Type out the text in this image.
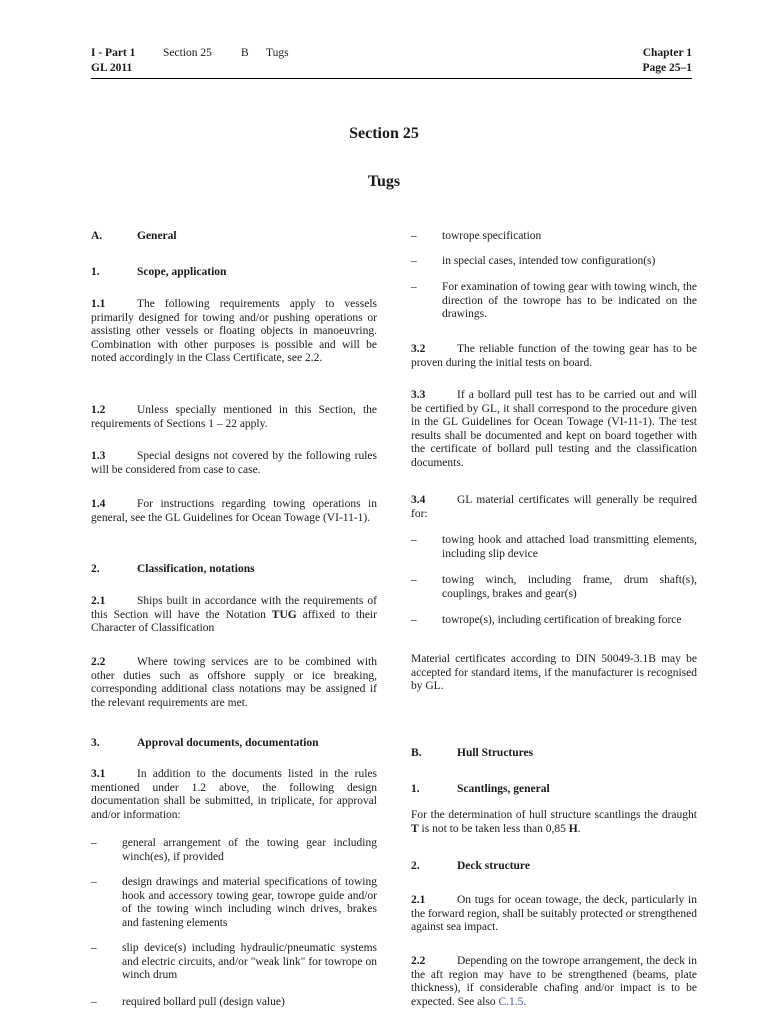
I - Part 1 Section 25	B Tugs
GL 2011
Chapter 1
Page 25–1
Section 25
Tugs
A.	General
1.	Scope, application
1.1	The following requirements apply to vessels primarily designed for towing and/or pushing operations or assisting other vessels or floating objects in manoeuvring. Combination with other purposes is possible and will be noted accordingly in the Class Certificate, see 2.2.
1.2	Unless specially mentioned in this Section, the requirements of Sections 1 – 22 apply.
1.3	Special designs not covered by the following rules will be considered from case to case.
1.4	For instructions regarding towing operations in general, see the GL Guidelines for Ocean Towage (VI-11-1).
2.	Classification, notations
2.1	Ships built in accordance with the requirements of this Section will have the Notation TUG affixed to their Character of Classification
2.2	Where towing services are to be combined with other duties such as offshore supply or ice breaking, corresponding additional class notations may be assigned if the relevant requirements are met.
3.	Approval documents, documentation
3.1	In addition to the documents listed in the rules mentioned under 1.2 above, the following design documentation shall be submitted, in triplicate, for approval and/or information:
– general arrangement of the towing gear including winch(es), if provided
– design drawings and material specifications of towing hook and accessory towing gear, towrope guide and/or of the towing winch including winch drives, brakes and fastening elements
– slip device(s) including hydraulic/pneumatic systems and electric circuits, and/or "weak link" for towrope on winch drum
– required bollard pull (design value)
– towrope specification
– in special cases, intended tow configuration(s)
– For examination of towing gear with towing winch, the direction of the towrope has to be indicated on the drawings.
3.2	The reliable function of the towing gear has to be proven during the initial tests on board.
3.3	If a bollard pull test has to be carried out and will be certified by GL, it shall correspond to the procedure given in the GL Guidelines for Ocean Towage (VI-11-1). The test results shall be documented and kept on board together with the certificate of bollard pull testing and the classification documents.
3.4	GL material certificates will generally be required for:
– towing hook and attached load transmitting elements, including slip device
– towing winch, including frame, drum shaft(s), couplings, brakes and gear(s)
– towrope(s), including certification of breaking force
Material certificates according to DIN 50049-3.1B may be accepted for standard items, if the manufacturer is recognised by GL.
B.	Hull Structures
1.	Scantlings, general
For the determination of hull structure scantlings the draught T is not to be taken less than 0,85 H.
2.	Deck structure
2.1	On tugs for ocean towage, the deck, particularly in the forward region, shall be suitably protected or strengthened against sea impact.
2.2	Depending on the towrope arrangement, the deck in the aft region may have to be strengthened (beams, plate thickness), if considerable chafing and/or impact is to be expected. See also C.1.5.
